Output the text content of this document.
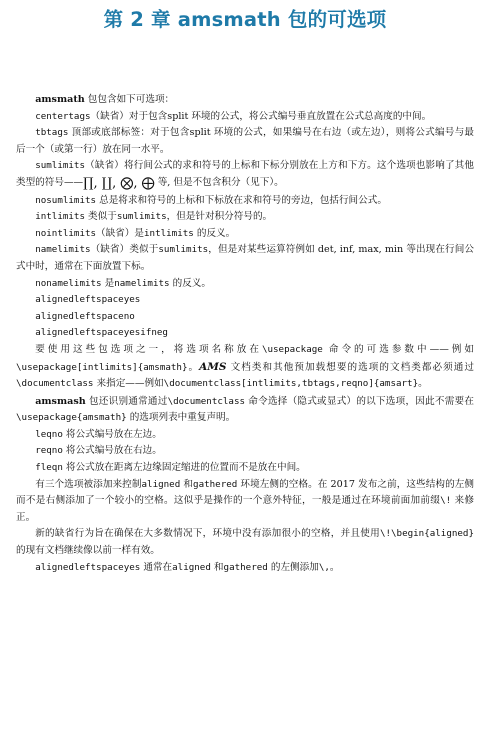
第 2 章 amsmath 包的可选项

amsmath 包包含如下可选项：

centertags（缺省）对于包含split 环境的公式，将公式编号垂直放置在公式总高度的中间。

tbtags 顶部或底部标签：对于包含split 环境的公式，如果编号在右边（或左边），则将公式编号与最后一个（或第一行）放在同一水平。

sumlimits（缺省）将行间公式的求和符号的上标和下标分别放在上方和下方。这个选项也影响了其他类型的符号——∏, ∐, ⨂, ⨁ 等, 但是不包含积分（见下）。

nosumlimits 总是将求和符号的上标和下标放在求和符号的旁边，包括行间公式。

intlimits 类似于sumlimits，但是针对积分符号的。

nointlimits（缺省）是intlimits 的反义。

namelimits（缺省）类似于sumlimits，但是对某些运算符例如 det, inf, max, min 等出现在行间公式中时，通常在下面放置下标。

nonamelimits 是namelimits 的反义。

alignedleftspaceyes

alignedleftspaceno

alignedleftspaceyesifneg

要使用这些包选项之一，将选项名称放在\usepackage 命令的可选参数中——例如\usepackage[intlimits]{amsmath}。AMS 文档类和其他预加载想要的选项的文档类都必须通过\documentclass 来指定——例如\documentclass[intlimits,tbtags,reqno]{amsart}。

amsmash 包还识别通常通过\documentclass 命令选择（隐式或显式）的以下选项，因此不需要在\usepackage{amsmath} 的选项列表中重复声明。

leqno 将公式编号放在左边。

reqno 将公式编号放在右边。

fleqn 将公式放在距离左边缘固定缩进的位置而不是放在中间。

有三个选项被添加来控制aligned 和gathered 环境左侧的空格。在 2017 发布之前，这些结构的左侧而不是右侧添加了一个较小的空格。这似乎是操作的一个意外特征，一般是通过在环境前面加前缀\! 来修正。

新的缺省行为旨在确保在大多数情况下，环境中没有添加很小的空格，并且使用\!\begin{aligned} 的现有文档继续像以前一样有效。

alignedleftspaceyes 通常在aligned 和gathered 的左侧添加\,。
